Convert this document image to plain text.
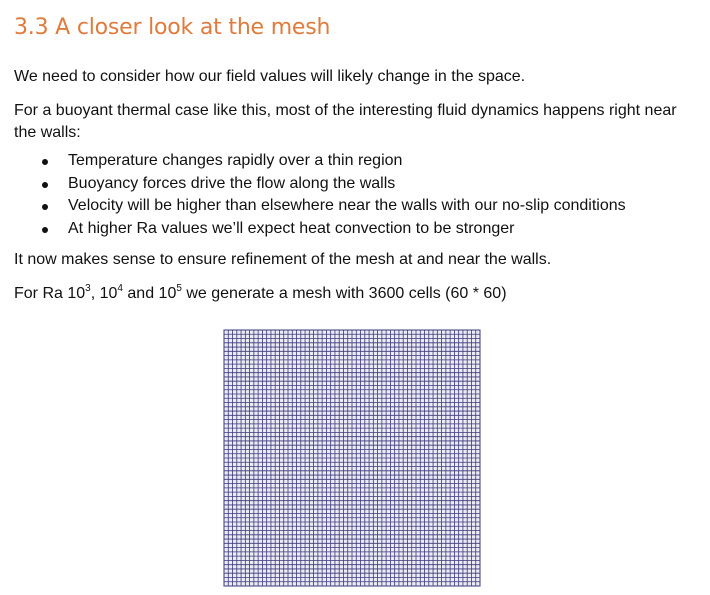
3.3 A closer look at the mesh

We need to consider how our field values will likely change in the space.

For a buoyant thermal case like this, most of the interesting fluid dynamics happens right near the walls:

Temperature changes rapidly over a thin region
Buoyancy forces drive the flow along the walls
Velocity will be higher than elsewhere near the walls with our no-slip conditions
At higher Ra values we’ll expect heat convection to be stronger

It now makes sense to ensure refinement of the mesh at and near the walls.

For Ra $10^3$, $10^4$ and $10^5$ we generate a mesh with 3600 cells (60 * 60)
